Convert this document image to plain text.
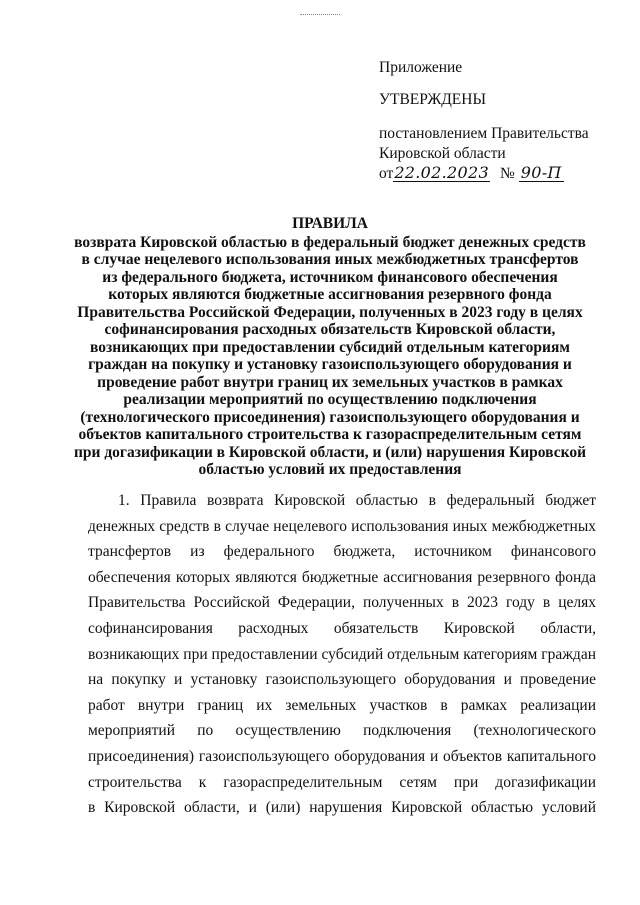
Приложение
УТВЕРЖДЕНЫ
постановлением Правительства
Кировской области
от22.02.2023 № 90-П
ПРАВИЛА
возврата Кировской областью в федеральный бюджет денежных средств
в случае нецелевого использования иных межбюджетных трансфертов
из федерального бюджета, источником финансового обеспечения
которых являются бюджетные ассигнования резервного фонда
Правительства Российской Федерации, полученных в 2023 году в целях
софинансирования расходных обязательств Кировской области,
возникающих при предоставлении субсидий отдельным категориям
граждан на покупку и установку газоиспользующего оборудования и
проведение работ внутри границ их земельных участков в рамках
реализации мероприятий по осуществлению подключения
(технологического присоединения) газоиспользующего оборудования и
объектов капитального строительства к газораспределительным сетям
при догазификации в Кировской области, и (или) нарушения Кировской
областью условий их предоставления
1. Правила возврата Кировской областью в федеральный бюджет
денежных средств в случае нецелевого использования иных межбюджетных
трансфертов из федерального бюджета, источником финансового
обеспечения которых являются бюджетные ассигнования резервного фонда
Правительства Российской Федерации, полученных в 2023 году в целях
софинансирования расходных обязательств Кировской области,
возникающих при предоставлении субсидий отдельным категориям граждан
на покупку и установку газоиспользующего оборудования и проведение
работ внутри границ их земельных участков в рамках реализации
мероприятий по осуществлению подключения (технологического
присоединения) газоиспользующего оборудования и объектов капитального
строительства к газораспределительным сетям при догазификации
в Кировской области, и (или) нарушения Кировской областью условий
